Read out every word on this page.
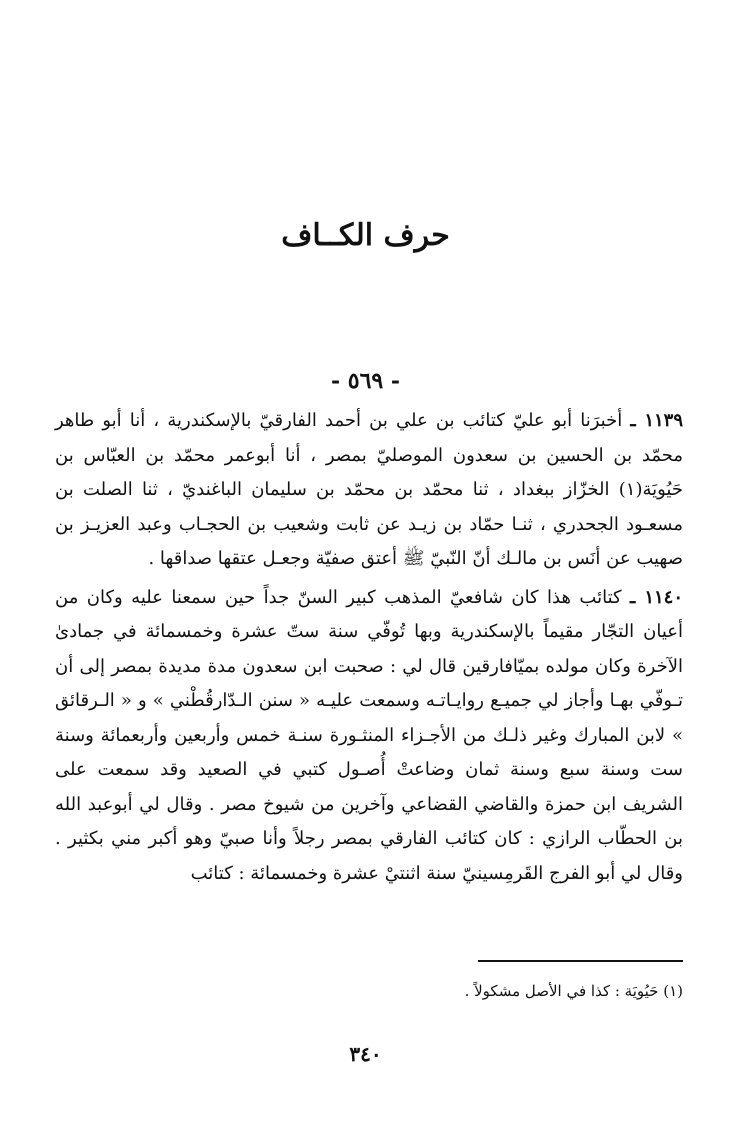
حرف الكــاف
- ٥٦٩ -

١١٣٩ ـ أخبرَنا أبو عليّ كتائب بن علي بن أحمد الفارقيّ بالإسكندرية ، أنا أبو طاهر محمّد بن الحسين بن سعدون الموصليّ بمصر ، أنا أبوعمر محمّد بن العبّاس بن حَيُويَة(١) الخزّاز ببغداد ، ثنا محمّد بن محمّد بن سليمان الباغنديّ ، ثنا الصلت بن مسعـود الجحدري ، ثنـا حمّاد بن زيـد عن ثابت وشعيب بن الحجـاب وعبد العزيـز بن صهيب عن أنَس بن مالـك أنّ النّبيّ ﷺ أعتق صفيّة وجعـل عتقها صداقها .

١١٤٠ ـ كتائب هذا كان شافعيّ المذهب كبير السنّ جداً حين سمعنا عليه وكان من أعيان التجّار مقيماً بالإسكندرية وبها تُوفّي سنة ستّ عشرة وخمسمائة في جمادىٰ الآخرة وكان مولده بميّافارقين قال لي : صحبت ابن سعدون مدة مديدة بمصر إلى أن تـوفّي بهـا وأجاز لي جميـع روايـاتـه وسمعت عليـه « سنن الـدّارقُطْني » و « الـرقائق » لابن المبارك وغير ذلـك من الأجـزاء المنثـورة سنـة خمس وأربعين وأربعمائة وسنة ست وسنة سبع وسنة ثمان وضاعتْ أُصـول كتبي في الصعيد وقد سمعت على الشريف ابن حمزة والقاضي القضاعي وآخرين من شيوخ مصر . وقال لي أبوعبد الله بن الحطّاب الرازي : كان كتائب الفارقي بمصر رجلاً وأنا صبيّ وهو أكبر مني بكثير . وقال لي أبو الفرج القَرمِسينيّ سنة اثنتيْ عشرة وخمسمائة : كتائب

(١) حَيُويَة : كذا في الأصل مشكولاً .
٣٤٠
